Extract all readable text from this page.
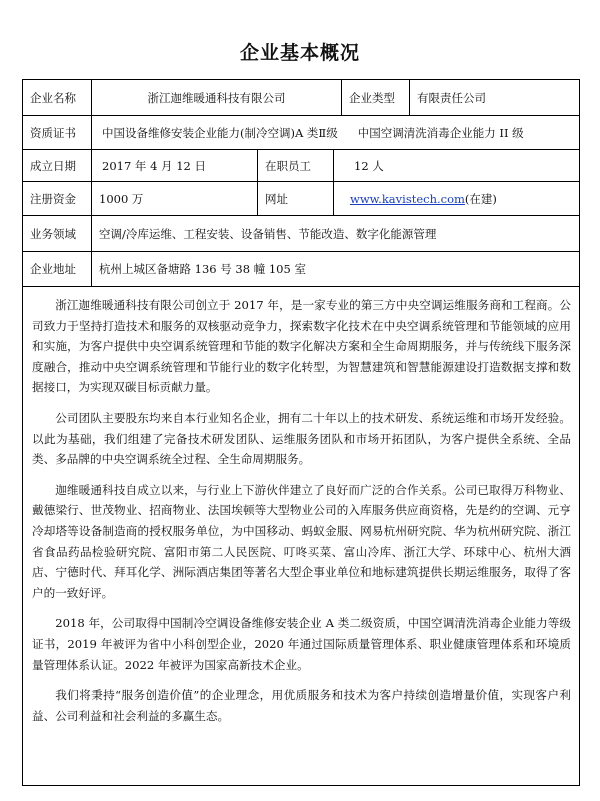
企业基本概况
企业名称	浙江迦维暖通科技有限公司	企业类型	有限责任公司
资质证书	中国设备维修安装企业能力(制冷空调)A 类Ⅱ级 中国空调清洗消毒企业能力 II 级
成立日期	2017 年 4 月 12 日	在职员工	12 人
注册资金	1000 万	网址	www.kavistech.com (在建)
业务领域	空调/冷库运维、工程安装、设备销售、节能改造、数字化能源管理
企业地址	杭州上城区备塘路 136 号 38 幢 105 室

浙江迦维暖通科技有限公司创立于 2017 年，是一家专业的第三方中央空调运维服务商和工程商。公司致力于坚持打造技术和服务的双核驱动竞争力，探索数字化技术在中央空调系统管理和节能领域的应用和实施，为客户提供中央空调系统管理和节能的数字化解决方案和全生命周期服务，并与传统线下服务深度融合，推动中央空调系统管理和节能行业的数字化转型，为智慧建筑和智慧能源建设打造数据支撑和数据接口，为实现双碳目标贡献力量。

公司团队主要股东均来自本行业知名企业，拥有二十年以上的技术研发、系统运维和市场开发经验。以此为基础，我们组建了完备技术研发团队、运维服务团队和市场开拓团队，为客户提供全系统、全品类、多品牌的中央空调系统全过程、全生命周期服务。

迦维暖通科技自成立以来，与行业上下游伙伴建立了良好而广泛的合作关系。公司已取得万科物业、戴德梁行、世茂物业、招商物业、法国埃顿等大型物业公司的入库服务供应商资格，先是约的空调、元亨冷却塔等设备制造商的授权服务单位，为中国移动、蚂蚁金服、网易杭州研究院、华为杭州研究院、浙江省食品药品检验研究院、富阳市第二人民医院、叮咚买菜、富山冷库、浙江大学、环球中心、杭州大酒店、宁德时代、拜耳化学、洲际酒店集团等著名大型企事业单位和地标建筑提供长期运维服务，取得了客户的一致好评。

2018 年，公司取得中国制冷空调设备维修安装企业 A 类二级资质，中国空调清洗消毒企业能力等级证书，2019 年被评为省中小科创型企业，2020 年通过国际质量管理体系、职业健康管理体系和环境质量管理体系认证。2022 年被评为国家高新技术企业。

我们将秉持“服务创造价值”的企业理念，用优质服务和技术为客户持续创造增量价值，实现客户利益、公司利益和社会利益的多赢生态。
